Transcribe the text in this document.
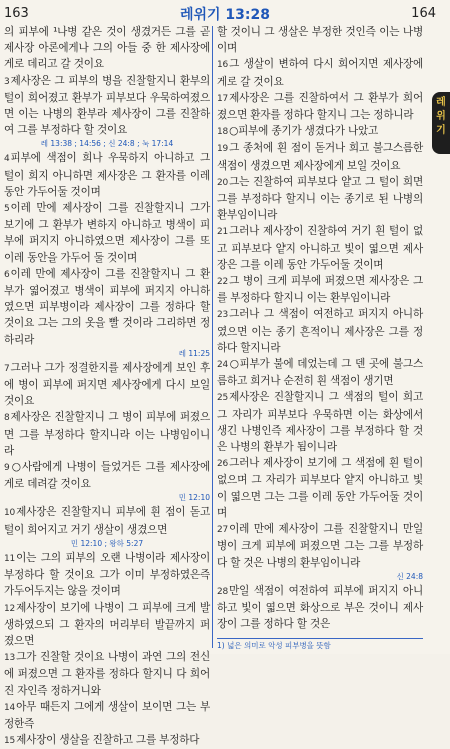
163	레위기 13:28	164

의 피부에 ¹나병 같은 것이 생겼거든 그를 곧 제사장 아론에게나 그의 아들 중 한 제사장에게로 데리고 갈 것이요

3제사장은 그 피부의 병을 진찰할지니 환부의 털이 희어졌고 환부가 피부보다 우묵하여졌으면 이는 나병의 환부라 제사장이 그를 진찰하여 그를 부정하다 할 것이요

레 13:38 ; 14:56 ; 신 24:8 ; 눅 17:14

4피부에 색점이 희나 우묵하지 아니하고 그 털이 희지 아니하면 제사장은 그 환자를 이레 동안 가두어둘 것이며

5이레 만에 제사장이 그를 진찰할지니 그가 보기에 그 환부가 변하지 아니하고 병색이 피부에 퍼지지 아니하였으면 제사장이 그를 또 이레 동안을 가두어 둘 것이며

6이레 만에 제사장이 그를 진찰할지니 그 환부가 엷어졌고 병색이 피부에 퍼지지 아니하였으면 피부병이라 제사장이 그를 정하다 할 것이요 그는 그의 옷을 빨 것이라 그리하면 정하리라

레 11:25

7그러나 그가 정결한지를 제사장에게 보인 후에 병이 피부에 퍼지면 제사장에게 다시 보일 것이요

8제사장은 진찰할지니 그 병이 피부에 퍼졌으면 그를 부정하다 할지니라 이는 나병임이니라

9○사람에게 나병이 들었거든 그를 제사장에게로 데려갈 것이요

민 12:10

10제사장은 진찰할지니 피부에 흰 점이 돋고 털이 희어지고 거기 생살이 생겼으면

민 12:10 ; 왕하 5:27

11이는 그의 피부의 오랜 나병이라 제사장이 부정하다 할 것이요 그가 이미 부정하였은즉 가두어두지는 않을 것이며

12제사장이 보기에 나병이 그 피부에 크게 발생하였으되 그 환자의 머리부터 발끝까지 퍼졌으면

13그가 진찰할 것이요 나병이 과연 그의 전신에 퍼졌으면 그 환자를 정하다 할지니 다 희어진 자인즉 정하거니와

14아무 때든지 그에게 생살이 보이면 그는 부정한즉

15제사장이 생살을 진찰하고 그를 부정하다

할 것이니 그 생살은 부정한 것인즉 이는 나병이며

16그 생살이 변하여 다시 희어지면 제사장에게로 갈 것이요

17제사장은 그를 진찰하여서 그 환부가 희어졌으면 환자를 정하다 할지니 그는 정하니라

18○피부에 종기가 생겼다가 나았고

19그 종처에 흰 점이 돋거나 희고 불그스름한 색점이 생겼으면 제사장에게 보일 것이요

20그는 진찰하여 피부보다 얕고 그 털이 희면 그를 부정하다 할지니 이는 종기로 된 나병의 환부임이니라

21그러나 제사장이 진찰하여 거기 흰 털이 없고 피부보다 얕지 아니하고 빛이 엷으면 제사장은 그를 이레 동안 가두어둘 것이며

22그 병이 크게 피부에 퍼졌으면 제사장은 그를 부정하다 할지니 이는 환부임이니라

23그러나 그 색점이 여전하고 퍼지지 아니하였으면 이는 종기 흔적이니 제사장은 그를 정하다 할지니라

24○피부가 불에 데었는데 그 덴 곳에 불그스름하고 희거나 순전히 흰 색점이 생기면

25제사장은 진찰할지니 그 색점의 털이 희고 그 자리가 피부보다 우묵하면 이는 화상에서 생긴 나병인즉 제사장이 그를 부정하다 할 것은 나병의 환부가 됨이니라

26그러나 제사장이 보기에 그 색점에 흰 털이 없으며 그 자리가 피부보다 얕지 아니하고 빛이 엷으면 그는 그를 이레 동안 가두어둘 것이며

27이레 만에 제사장이 그를 진찰할지니 만일 병이 크게 피부에 퍼졌으면 그는 그를 부정하다 할 것은 나병의 환부임이니라

신 24:8

28만일 색점이 여전하여 피부에 퍼지지 아니하고 빛이 엷으면 화상으로 부은 것이니 제사장이 그를 정하다 할 것은

레위기
1) 넓은 의미로 악성 피부병을 뜻함
